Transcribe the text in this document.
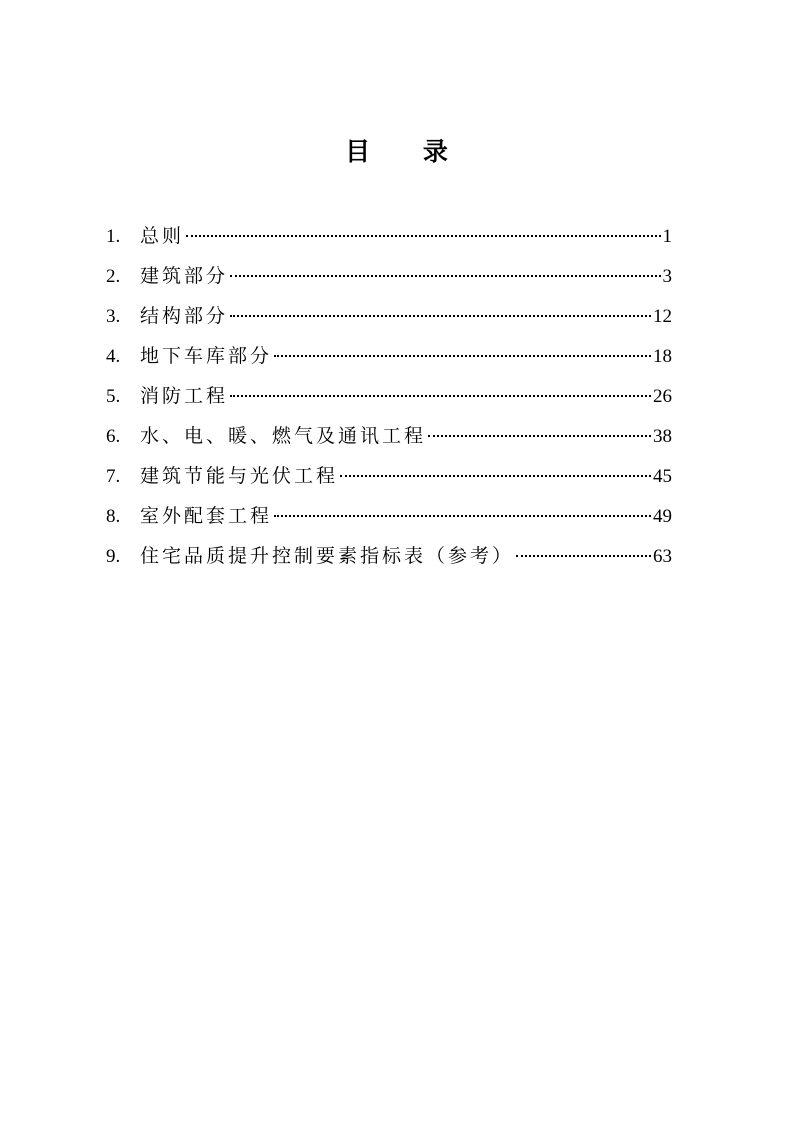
目 录
1.	总则	1
2.	建筑部分	3
3.	结构部分	12
4.	地下车库部分	18
5.	消防工程	26
6.	水、电、暖、燃气及通讯工程	38
7.	建筑节能与光伏工程	45
8.	室外配套工程	49
9.	住宅品质提升控制要素指标表（参考）	63
